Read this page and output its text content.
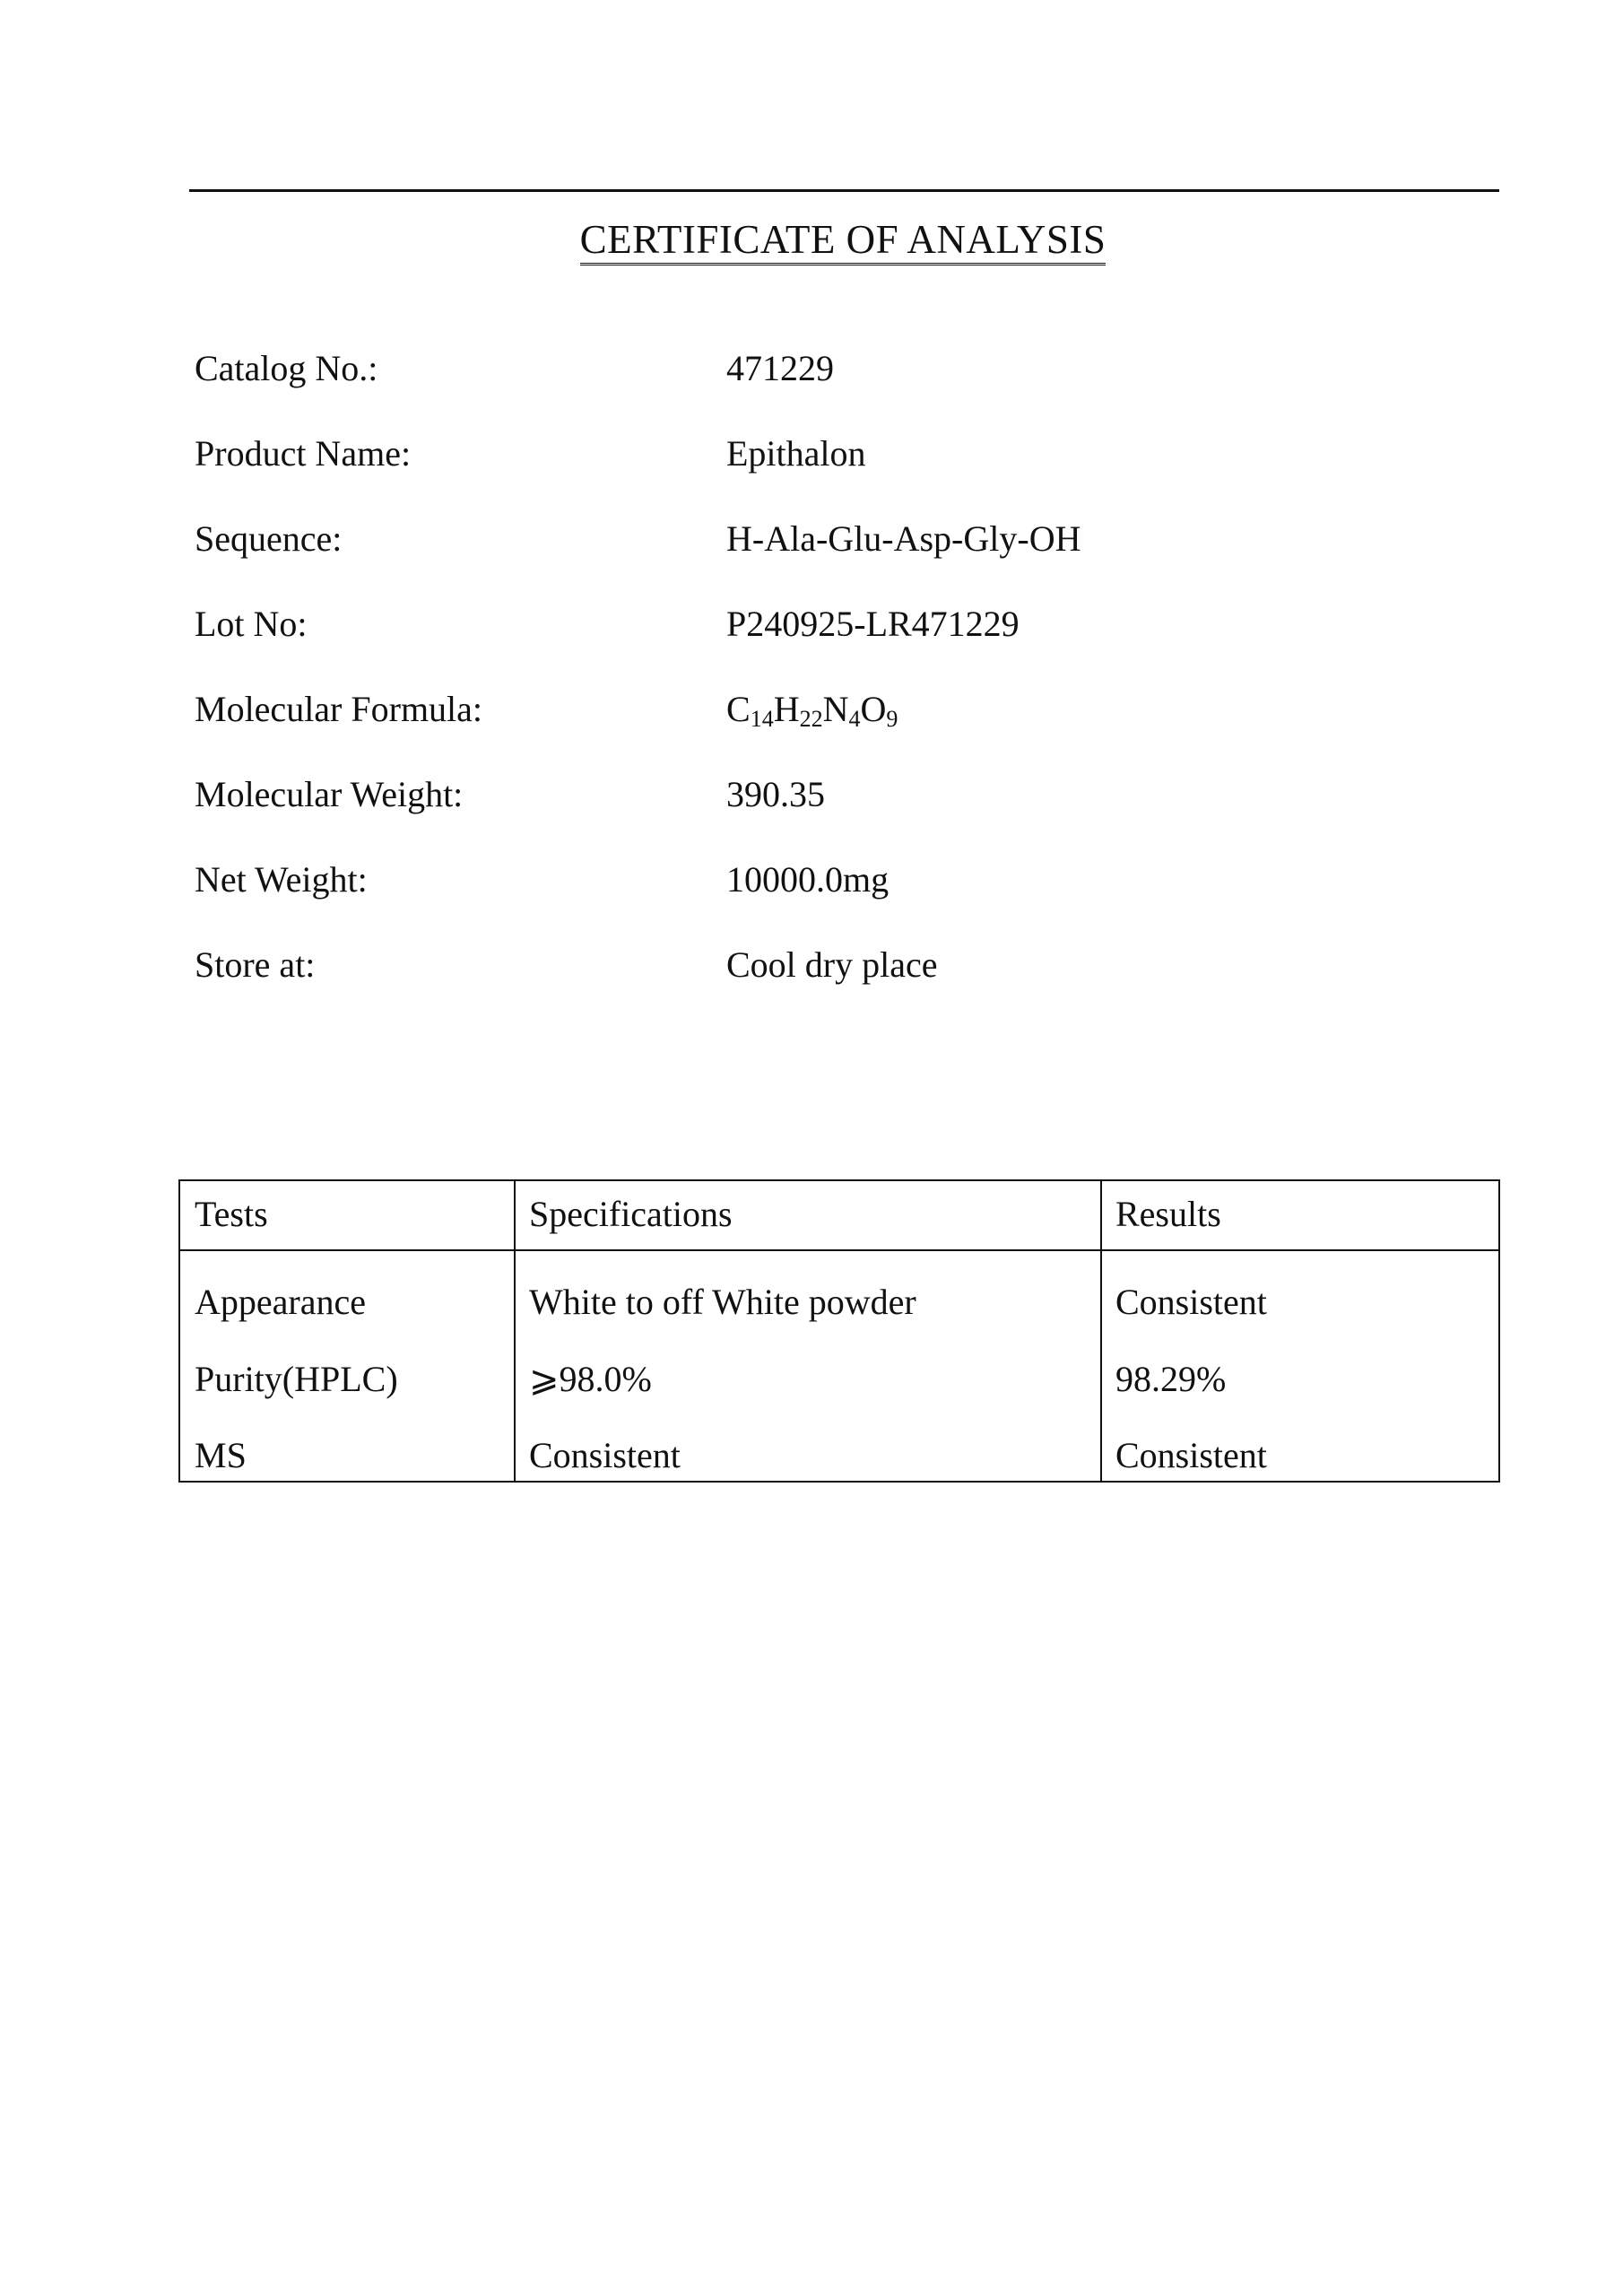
CERTIFICATE OF ANALYSIS
Catalog No.:	471229
Product Name:	Epithalon
Sequence:	H-Ala-Glu-Asp-Gly-OH
Lot No:	P240925-LR471229
Molecular Formula:	$C_{14}H_{22}N_4O_9$
Molecular Weight:	390.35
Net Weight:	10000.0mg
Store at:	Cool dry place
Tests	Specifications	Results
Appearance	White to off White powder	Consistent
Purity(HPLC)	⩾98.0%	98.29%
MS	Consistent	Consistent
